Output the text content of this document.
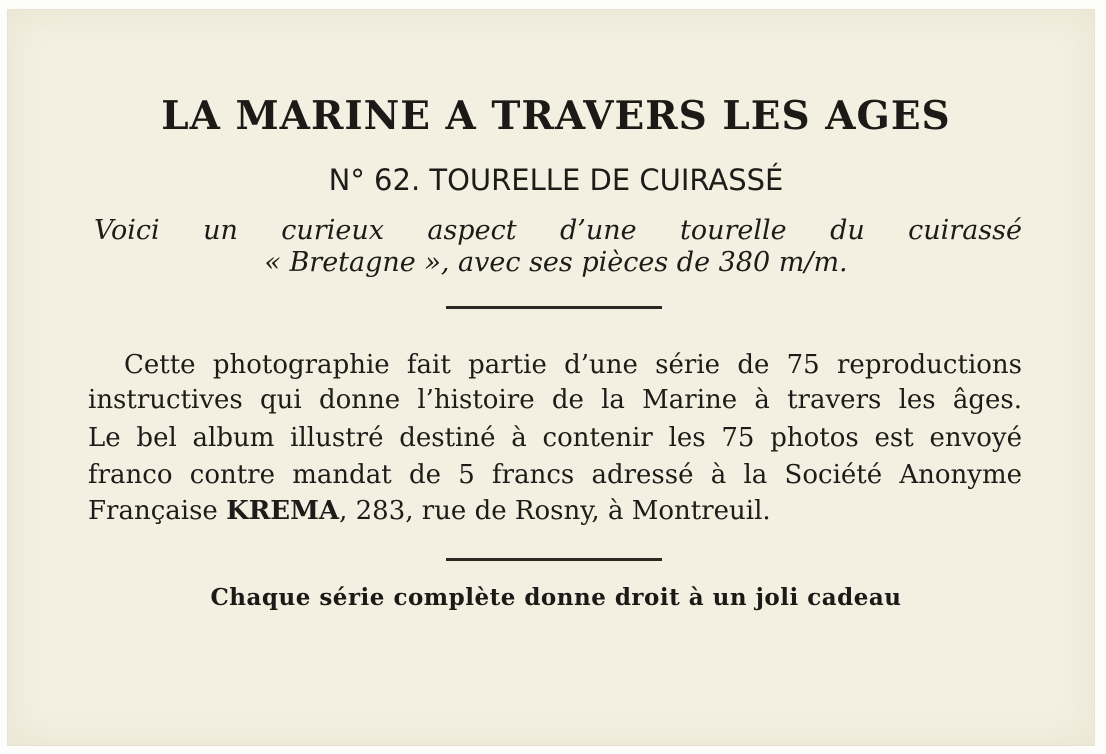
LA MARINE A TRAVERS LES AGES
N° 62. TOURELLE DE CUIRASSÉ
Voici un curieux aspect d’une tourelle du cuirassé
« Bretagne », avec ses pièces de 380 m/m.
Cette photographie fait partie d’une série de 75 reproductions
instructives qui donne l’histoire de la Marine à travers les âges.
Le bel album illustré destiné à contenir les 75 photos est envoyé
franco contre mandat de 5 francs adressé à la Société Anonyme
Française KREMA, 283, rue de Rosny, à Montreuil.
Chaque série complète donne droit à un joli cadeau
